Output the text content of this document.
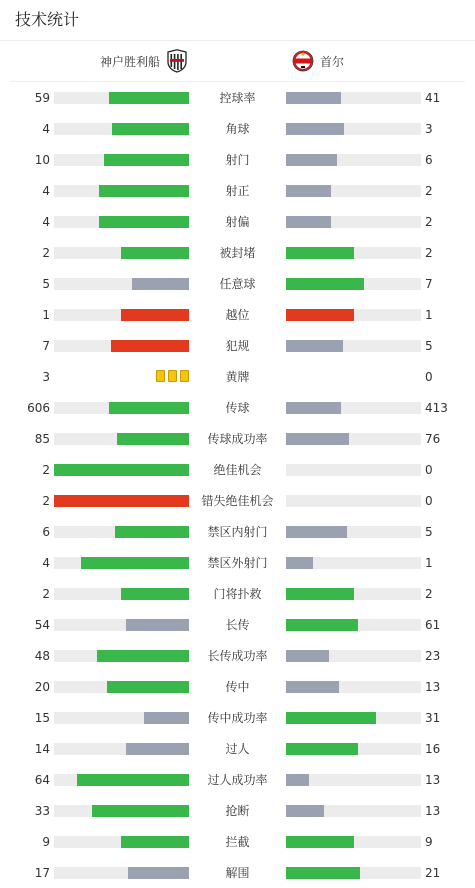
技术统计
神户胜利船	首尔
59	控球率	41
4	角球	3
10	射门	6
4	射正	2
4	射偏	2
2	被封堵	2
5	任意球	7
1	越位	1
7	犯规	5
3	黄牌	0
606	传球	413
85	传球成功率	76
2	绝佳机会	0
2	错失绝佳机会	0
6	禁区内射门	5
4	禁区外射门	1
2	门将扑救	2
54	长传	61
48	长传成功率	23
20	传中	13
15	传中成功率	31
14	过人	16
64	过人成功率	13
33	抢断	13
9	拦截	9
17	解围	21
